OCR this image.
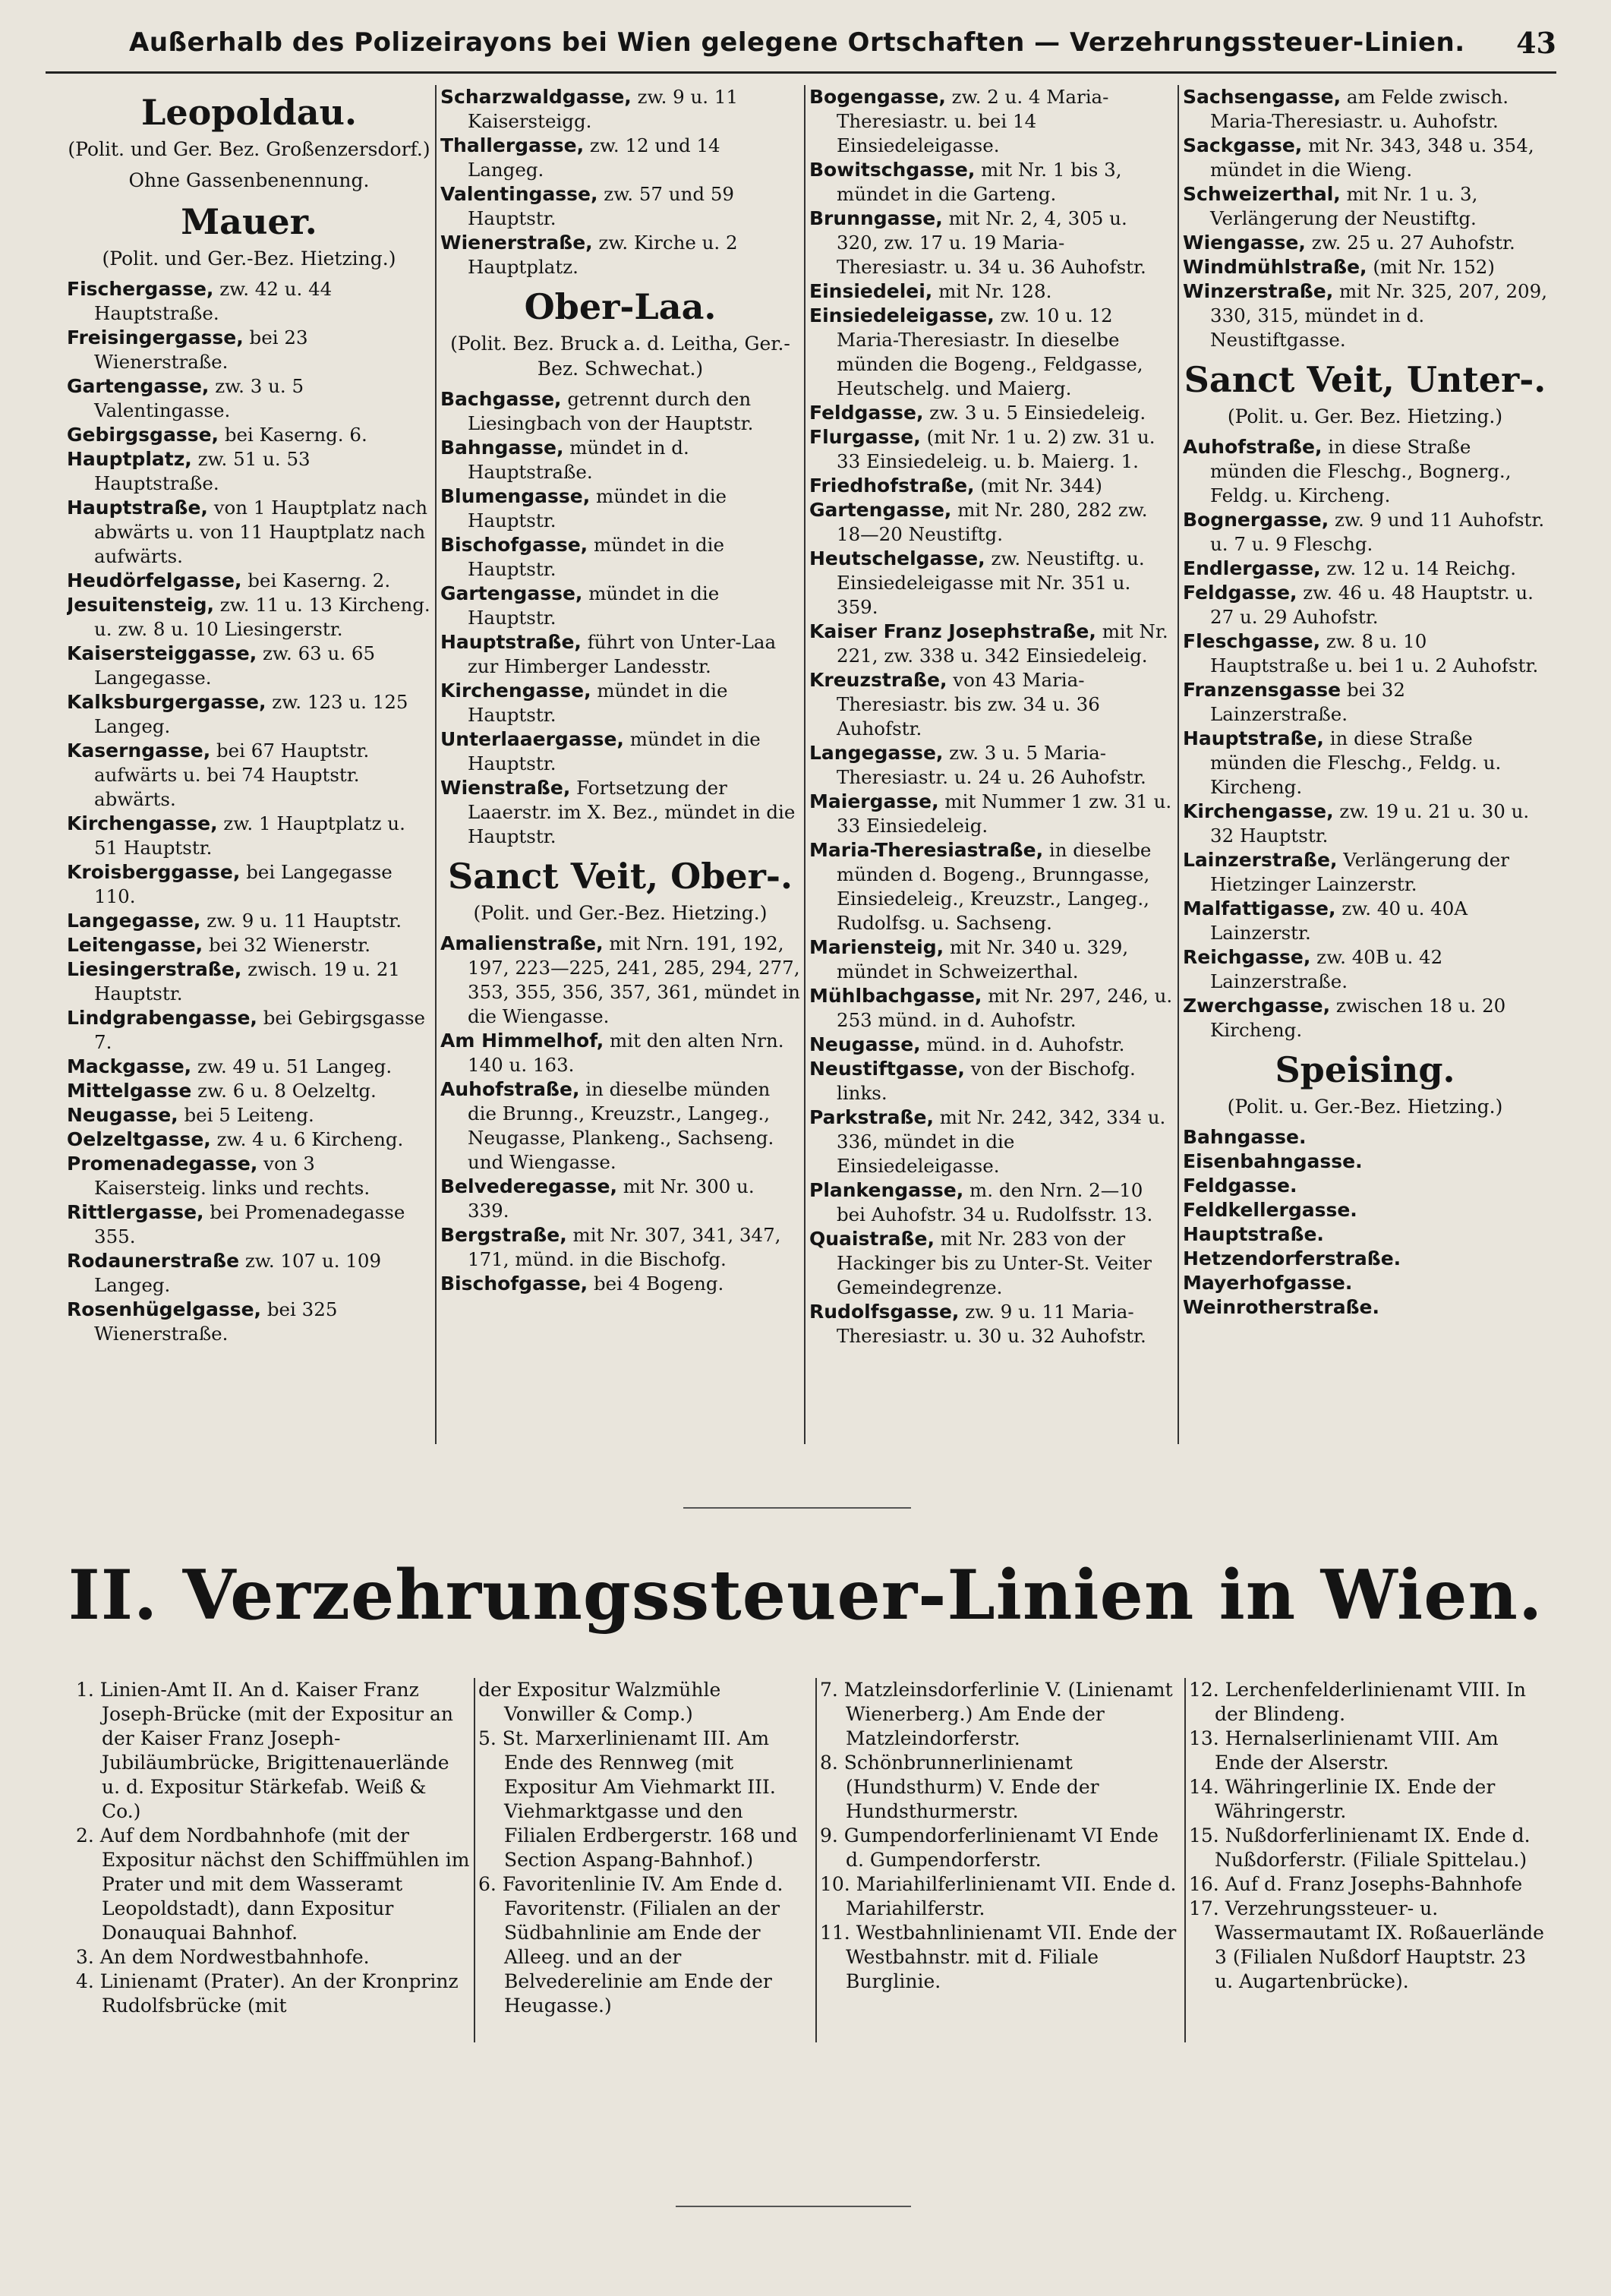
Außerhalb des Polizeirayons bei Wien gelegene Ortschaften — Verzehrungssteuer-Linien.	43
Leopoldau.
(Polit. und Ger. Bez. Großenzersdorf.)
Ohne Gassenbenennung.
Mauer.
(Polit. und Ger.-Bez. Hietzing.)

Fischergasse, zw. 42 u. 44 Hauptstraße.

Freisingergasse, bei 23 Wienerstraße.

Gartengasse, zw. 3 u. 5 Valentingasse.

Gebirgsgasse, bei Kaserng. 6.

Hauptplatz, zw. 51 u. 53 Hauptstraße.

Hauptstraße, von 1 Hauptplatz nach abwärts u. von 11 Hauptplatz nach aufwärts.

Heudörfelgasse, bei Kaserng. 2.

Jesuitensteig, zw. 11 u. 13 Kircheng. u. zw. 8 u. 10 Liesingerstr.

Kaisersteiggasse, zw. 63 u. 65 Langegasse.

Kalksburgergasse, zw. 123 u. 125 Langeg.

Kaserngasse, bei 67 Hauptstr. aufwärts u. bei 74 Hauptstr. abwärts.

Kirchengasse, zw. 1 Hauptplatz u. 51 Hauptstr.

Kroisberggasse, bei Langegasse 110.

Langegasse, zw. 9 u. 11 Hauptstr.

Leitengasse, bei 32 Wienerstr.

Liesingerstraße, zwisch. 19 u. 21 Hauptstr.

Lindgrabengasse, bei Gebirgsgasse 7.

Mackgasse, zw. 49 u. 51 Langeg.

Mittelgasse zw. 6 u. 8 Oelzeltg.

Neugasse, bei 5 Leiteng.

Oelzeltgasse, zw. 4 u. 6 Kircheng.

Promenadegasse, von 3 Kaisersteig. links und rechts.

Rittlergasse, bei Promenadegasse 355.

Rodaunerstraße zw. 107 u. 109 Langeg.

Rosenhügelgasse, bei 325 Wienerstraße.

Scharzwaldgasse, zw. 9 u. 11 Kaisersteigg.

Thallergasse, zw. 12 und 14 Langeg.

Valentingasse, zw. 57 und 59 Hauptstr.

Wienerstraße, zw. Kirche u. 2 Hauptplatz.

Ober-Laa.
(Polit. Bez. Bruck a. d. Leitha, Ger.-Bez. Schwechat.)

Bachgasse, getrennt durch den Liesingbach von der Hauptstr.

Bahngasse, mündet in d. Hauptstraße.

Blumengasse, mündet in die Hauptstr.

Bischofgasse, mündet in die Hauptstr.

Gartengasse, mündet in die Hauptstr.

Hauptstraße, führt von Unter-Laa zur Himberger Landesstr.

Kirchengasse, mündet in die Hauptstr.

Unterlaaergasse, mündet in die Hauptstr.

Wienstraße, Fortsetzung der Laaerstr. im X. Bez., mündet in die Hauptstr.

Sanct Veit, Ober-.
(Polit. und Ger.-Bez. Hietzing.)

Amalienstraße, mit Nrn. 191, 192, 197, 223—225, 241, 285, 294, 277, 353, 355, 356, 357, 361, mündet in die Wiengasse.

Am Himmelhof, mit den alten Nrn. 140 u. 163.

Auhofstraße, in dieselbe münden die Brunng., Kreuzstr., Langeg., Neugasse, Plankeng., Sachseng. und Wiengasse.

Belvederegasse, mit Nr. 300 u. 339.

Bergstraße, mit Nr. 307, 341, 347, 171, münd. in die Bischofg.

Bischofgasse, bei 4 Bogeng.

Bogengasse, zw. 2 u. 4 Maria-Theresiastr. u. bei 14 Einsiedeleigasse.

Bowitschgasse, mit Nr. 1 bis 3, mündet in die Garteng.

Brunngasse, mit Nr. 2, 4, 305 u. 320, zw. 17 u. 19 Maria-Theresiastr. u. 34 u. 36 Auhofstr.

Einsiedelei, mit Nr. 128.

Einsiedeleigasse, zw. 10 u. 12 Maria-Theresiastr. In dieselbe münden die Bogeng., Feldgasse, Heutschelg. und Maierg.

Feldgasse, zw. 3 u. 5 Einsiedeleig.

Flurgasse, (mit Nr. 1 u. 2) zw. 31 u. 33 Einsiedeleig. u. b. Maierg. 1.

Friedhofstraße, (mit Nr. 344)

Gartengasse, mit Nr. 280, 282 zw. 18—20 Neustiftg.

Heutschelgasse, zw. Neustiftg. u. Einsiedeleigasse mit Nr. 351 u. 359.

Kaiser Franz Josephstraße, mit Nr. 221, zw. 338 u. 342 Einsiedeleig.

Kreuzstraße, von 43 Maria-Theresiastr. bis zw. 34 u. 36 Auhofstr.

Langegasse, zw. 3 u. 5 Maria-Theresiastr. u. 24 u. 26 Auhofstr.

Maiergasse, mit Nummer 1 zw. 31 u. 33 Einsiedeleig.

Maria-Theresiastraße, in dieselbe münden d. Bogeng., Brunngasse, Einsiedeleig., Kreuzstr., Langeg., Rudolfsg. u. Sachseng.

Mariensteig, mit Nr. 340 u. 329, mündet in Schweizerthal.

Mühlbachgasse, mit Nr. 297, 246, u. 253 münd. in d. Auhofstr.

Neugasse, münd. in d. Auhofstr.

Neustiftgasse, von der Bischofg. links.

Parkstraße, mit Nr. 242, 342, 334 u. 336, mündet in die Einsiedeleigasse.

Plankengasse, m. den Nrn. 2—10 bei Auhofstr. 34 u. Rudolfsstr. 13.

Quaistraße, mit Nr. 283 von der Hackinger bis zu Unter-St. Veiter Gemeindegrenze.

Rudolfsgasse, zw. 9 u. 11 Maria-Theresiastr. u. 30 u. 32 Auhofstr.

Sachsengasse, am Felde zwisch. Maria-Theresiastr. u. Auhofstr.

Sackgasse, mit Nr. 343, 348 u. 354, mündet in die Wieng.

Schweizerthal, mit Nr. 1 u. 3, Verlängerung der Neustiftg.

Wiengasse, zw. 25 u. 27 Auhofstr.

Windmühlstraße, (mit Nr. 152)

Winzerstraße, mit Nr. 325, 207, 209, 330, 315, mündet in d. Neustiftgasse.

Sanct Veit, Unter-.
(Polit. u. Ger. Bez. Hietzing.)

Auhofstraße, in diese Straße münden die Fleschg., Bognerg., Feldg. u. Kircheng.

Bognergasse, zw. 9 und 11 Auhofstr. u. 7 u. 9 Fleschg.

Endlergasse, zw. 12 u. 14 Reichg.

Feldgasse, zw. 46 u. 48 Hauptstr. u. 27 u. 29 Auhofstr.

Fleschgasse, zw. 8 u. 10 Hauptstraße u. bei 1 u. 2 Auhofstr.

Franzensgasse bei 32 Lainzerstraße.

Hauptstraße, in diese Straße münden die Fleschg., Feldg. u. Kircheng.

Kirchengasse, zw. 19 u. 21 u. 30 u. 32 Hauptstr.

Lainzerstraße, Verlängerung der Hietzinger Lainzerstr.

Malfattigasse, zw. 40 u. 40A Lainzerstr.

Reichgasse, zw. 40B u. 42 Lainzerstraße.

Zwerchgasse, zwischen 18 u. 20 Kircheng.

Speising.
(Polit. u. Ger.-Bez. Hietzing.)

Bahngasse.

Eisenbahngasse.

Feldgasse.

Feldkellergasse.

Hauptstraße.

Hetzendorferstraße.

Mayerhofgasse.

Weinrotherstraße.

II. Verzehrungssteuer-Linien in Wien.

1. Linien-Amt II. An d. Kaiser Franz Joseph-Brücke (mit der Expositur an der Kaiser Franz Joseph-Jubiläumbrücke, Brigittenauerlände u. d. Expositur Stärkefab. Weiß & Co.)

2. Auf dem Nordbahnhofe (mit der Expositur nächst den Schiffmühlen im Prater und mit dem Wasseramt Leopoldstadt), dann Expositur Donauquai Bahnhof.

3. An dem Nordwestbahnhofe.

4. Linienamt (Prater). An der Kronprinz Rudolfsbrücke (mit

der Expositur Walzmühle Vonwiller & Comp.)

5. St. Marxerlinienamt III. Am Ende des Rennweg (mit Expositur Am Viehmarkt III. Viehmarktgasse und den Filialen Erdbergerstr. 168 und Section Aspang-Bahnhof.)

6. Favoritenlinie IV. Am Ende d. Favoritenstr. (Filialen an der Südbahnlinie am Ende der Alleeg. und an der Belvederelinie am Ende der Heugasse.)

7. Matzleinsdorferlinie V. (Linienamt Wienerberg.) Am Ende der Matzleindorferstr.

8. Schönbrunnerlinienamt (Hundsthurm) V. Ende der Hundsthurmerstr.

9. Gumpendorferlinienamt VI Ende d. Gumpendorferstr.

10. Mariahilferlinienamt VII. Ende d. Mariahilferstr.

11. Westbahnlinienamt VII. Ende der Westbahnstr. mit d. Filiale Burglinie.

12. Lerchenfelderlinienamt VIII. In der Blindeng.

13. Hernalserlinienamt VIII. Am Ende der Alserstr.

14. Währingerlinie IX. Ende der Währingerstr.

15. Nußdorferlinienamt IX. Ende d. Nußdorferstr. (Filiale Spittelau.)

16. Auf d. Franz Josephs-Bahnhofe

17. Verzehrungssteuer- u. Wassermautamt IX. Roßauerlände 3 (Filialen Nußdorf Hauptstr. 23 u. Augartenbrücke).
